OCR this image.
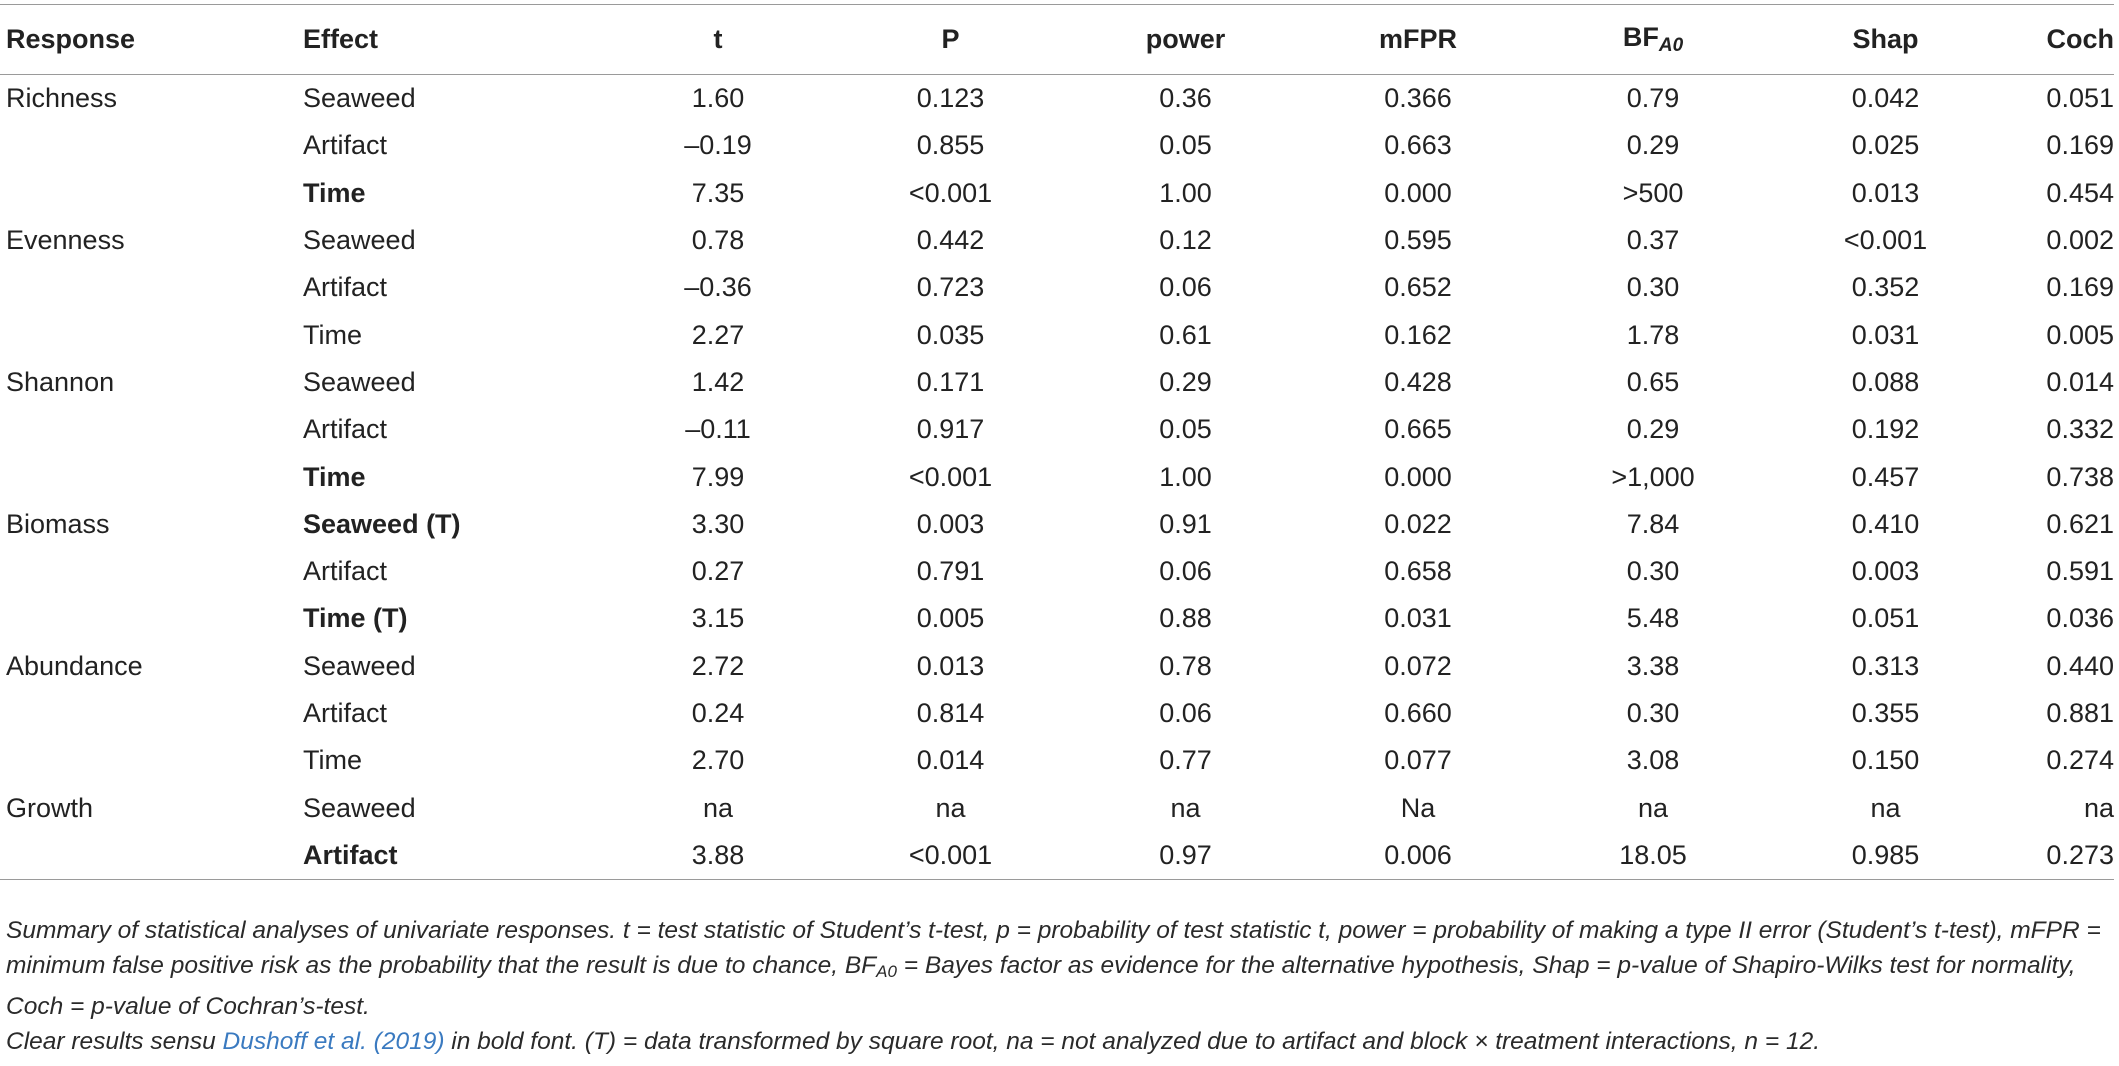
Response	Effect	t	P	power	mFPR	$BF_{A0}$	Shap	Coch
Richness	Seaweed	1.60	0.123	0.36	0.366	0.79	0.042	0.051
	Artifact	–0.19	0.855	0.05	0.663	0.29	0.025	0.169
	Time	7.35	<0.001	1.00	0.000	>500	0.013	0.454
Evenness	Seaweed	0.78	0.442	0.12	0.595	0.37	<0.001	0.002
	Artifact	–0.36	0.723	0.06	0.652	0.30	0.352	0.169
	Time	2.27	0.035	0.61	0.162	1.78	0.031	0.005
Shannon	Seaweed	1.42	0.171	0.29	0.428	0.65	0.088	0.014
	Artifact	–0.11	0.917	0.05	0.665	0.29	0.192	0.332
	Time	7.99	<0.001	1.00	0.000	>1,000	0.457	0.738
Biomass	Seaweed (T)	3.30	0.003	0.91	0.022	7.84	0.410	0.621
	Artifact	0.27	0.791	0.06	0.658	0.30	0.003	0.591
	Time (T)	3.15	0.005	0.88	0.031	5.48	0.051	0.036
Abundance	Seaweed	2.72	0.013	0.78	0.072	3.38	0.313	0.440
	Artifact	0.24	0.814	0.06	0.660	0.30	0.355	0.881
	Time	2.70	0.014	0.77	0.077	3.08	0.150	0.274
Growth	Seaweed	na	na	na	Na	na	na	na
	Artifact	3.88	<0.001	0.97	0.006	18.05	0.985	0.273

Summary of statistical analyses of univariate responses. t = test statistic of Student’s t-test, p = probability of test statistic t, power = probability of making a type II error (Student’s t-test), mFPR = minimum false positive risk as the probability that the result is due to chance, $BF_{A0}$ = Bayes factor as evidence for the alternative hypothesis, Shap = p-value of Shapiro-Wilks test for normality, Coch = p-value of Cochran’s-test.

Clear results sensu Dushoff et al. (2019) in bold font. (T) = data transformed by square root, na = not analyzed due to artifact and block × treatment interactions, n = 12.
